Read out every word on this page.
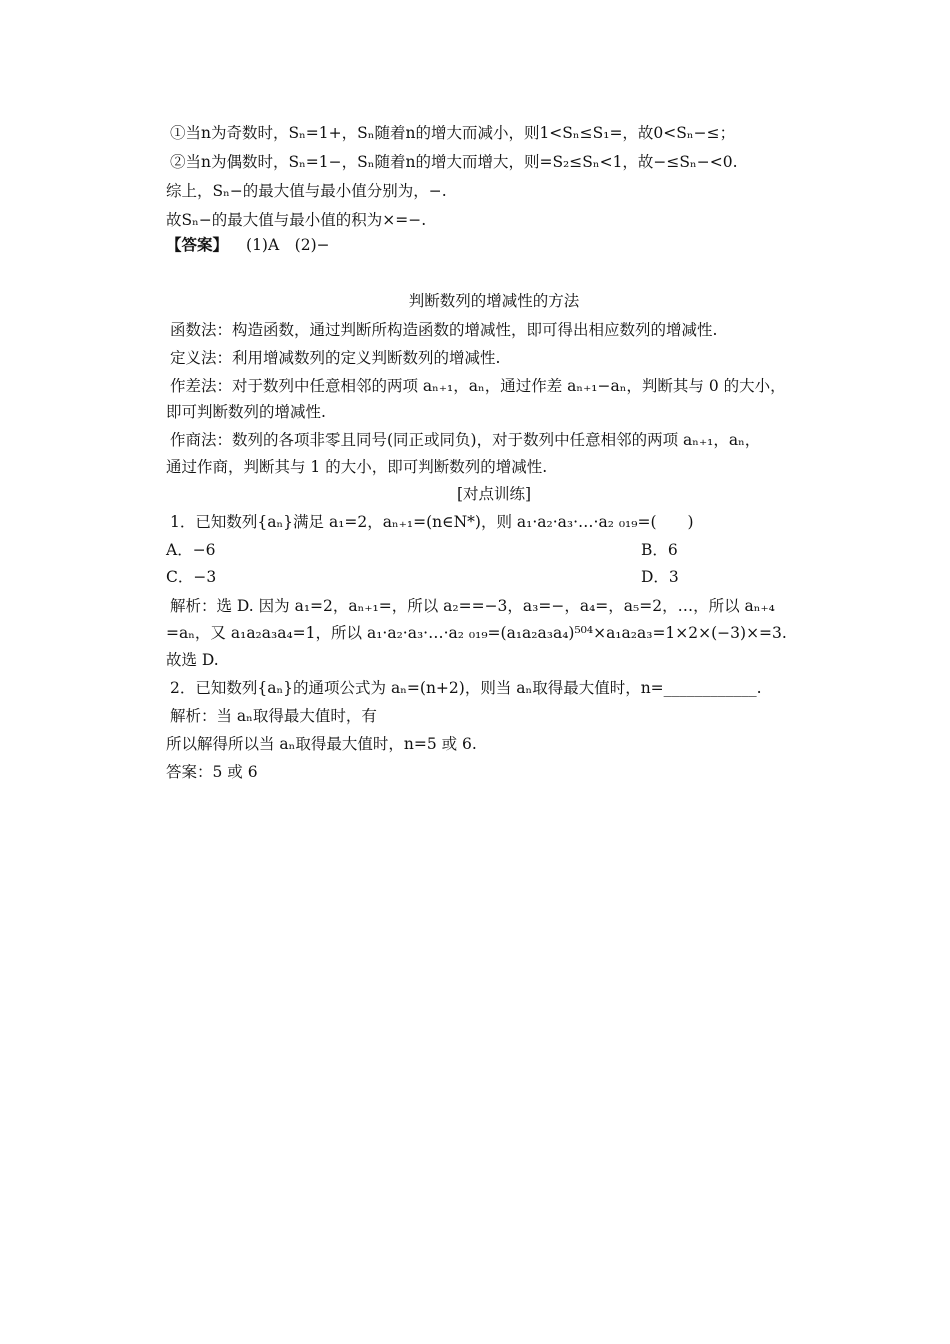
①当n为奇数时，Sₙ=1+，Sₙ随着n的增大而减小，则1<Sₙ≤S₁=，故0<Sₙ−≤；
②当n为偶数时，Sₙ=1−，Sₙ随着n的增大而增大，则=S₂≤Sₙ<1，故−≤Sₙ−<0.
综上，Sₙ−的最大值与最小值分别为，−.
故Sₙ−的最大值与最小值的积为×=−.
【答案】 (1)A　(2)−
判断数列的增减性的方法
函数法：构造函数，通过判断所构造函数的增减性，即可得出相应数列的增减性.
定义法：利用增减数列的定义判断数列的增减性.
作差法：对于数列中任意相邻的两项 aₙ₊₁，aₙ，通过作差 aₙ₊₁−aₙ，判断其与 0 的大小，
即可判断数列的增减性.
作商法：数列的各项非零且同号(同正或同负)，对于数列中任意相邻的两项 aₙ₊₁，aₙ，
通过作商，判断其与 1 的大小，即可判断数列的增减性.
[对点训练]
1．已知数列{aₙ}满足 a₁=2，aₙ₊₁=(n∈N*)，则 a₁·a₂·a₃·…·a₂ ₀₁₉=(　　)
A．−6	B．6
C．−3	D．3
解析：选 D. 因为 a₁=2，aₙ₊₁=，所以 a₂==−3，a₃=−，a₄=，a₅=2，…，所以 aₙ₊₄
=aₙ，又 a₁a₂a₃a₄=1，所以 a₁·a₂·a₃·…·a₂ ₀₁₉=(a₁a₂a₃a₄)⁵⁰⁴×a₁a₂a₃=1×2×(−3)×=3.
故选 D.
2．已知数列{aₙ}的通项公式为 aₙ=(n+2)，则当 aₙ取得最大值时，n=____________.
解析：当 aₙ取得最大值时，有
所以解得所以当 aₙ取得最大值时，n=5 或 6.
答案：5 或 6
